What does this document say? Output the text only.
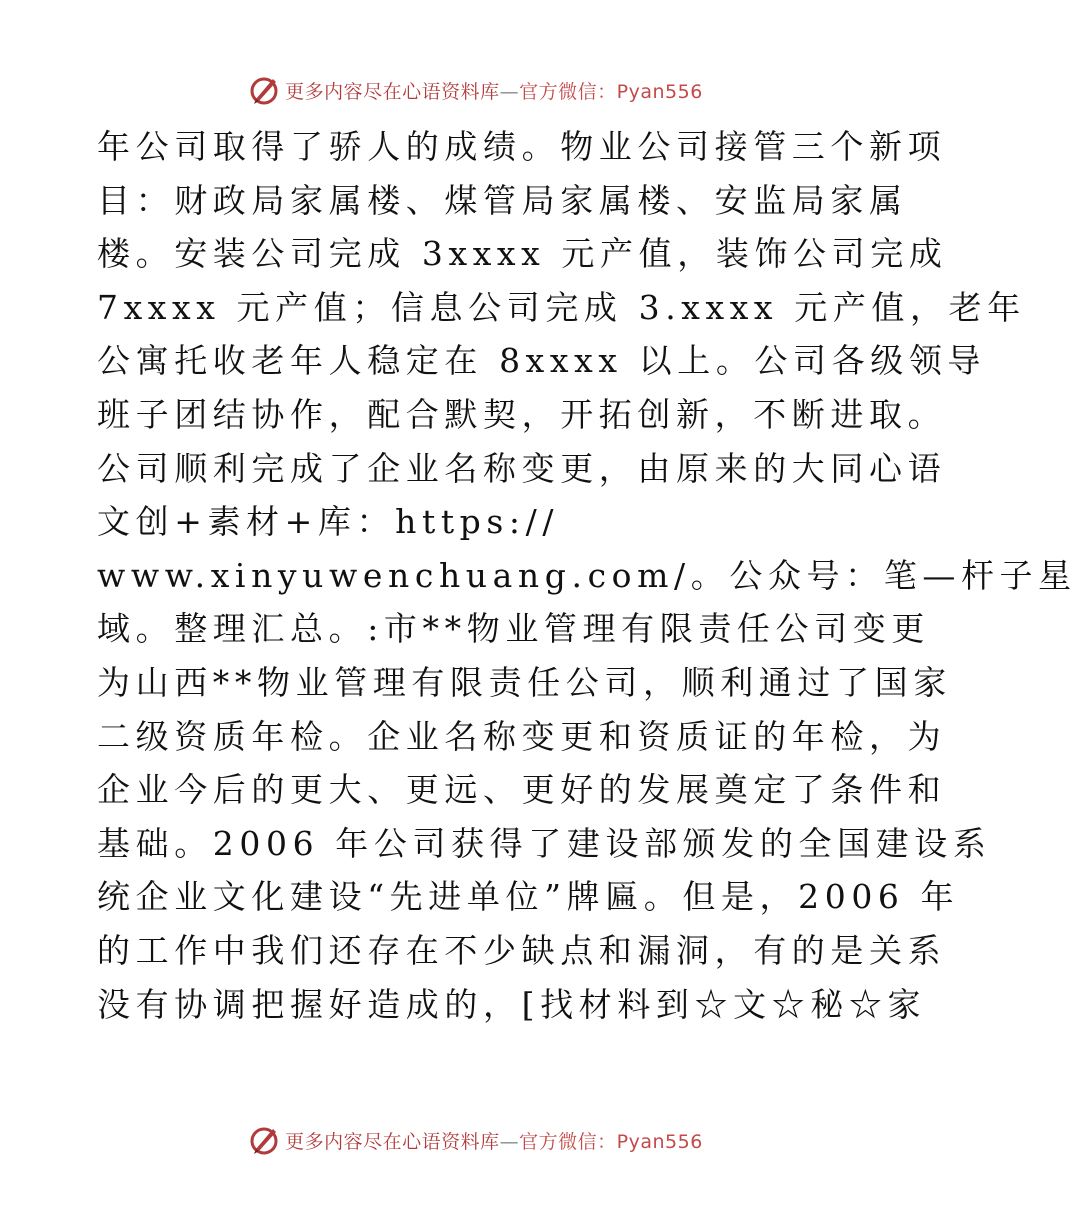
更多内容尽在心语资料库—官方微信：Pyan556
年公司取得了骄人的成绩。物业公司接管三个新项
目：财政局家属楼、煤管局家属楼、安监局家属
楼。安装公司完成 3xxxx 元产值，装饰公司完成
7xxxx 元产值；信息公司完成 3.xxxx 元产值，老年
公寓托收老年人稳定在 8xxxx 以上。公司各级领导
班子团结协作，配合默契，开拓创新，不断进取。
公司顺利完成了企业名称变更，由原来的大同心语
文创+素材+库：https://
www.xinyuwenchuang.com/。公众号：笔—杆子星
域。整理汇总。:市**物业管理有限责任公司变更
为山西**物业管理有限责任公司，顺利通过了国家
二级资质年检。企业名称变更和资质证的年检，为
企业今后的更大、更远、更好的发展奠定了条件和
基础。2006 年公司获得了建设部颁发的全国建设系
统企业文化建设“先进单位”牌匾。但是，2006 年
的工作中我们还存在不少缺点和漏洞，有的是关系
没有协调把握好造成的，[找材料到☆文☆秘☆家
更多内容尽在心语资料库—官方微信：Pyan556
